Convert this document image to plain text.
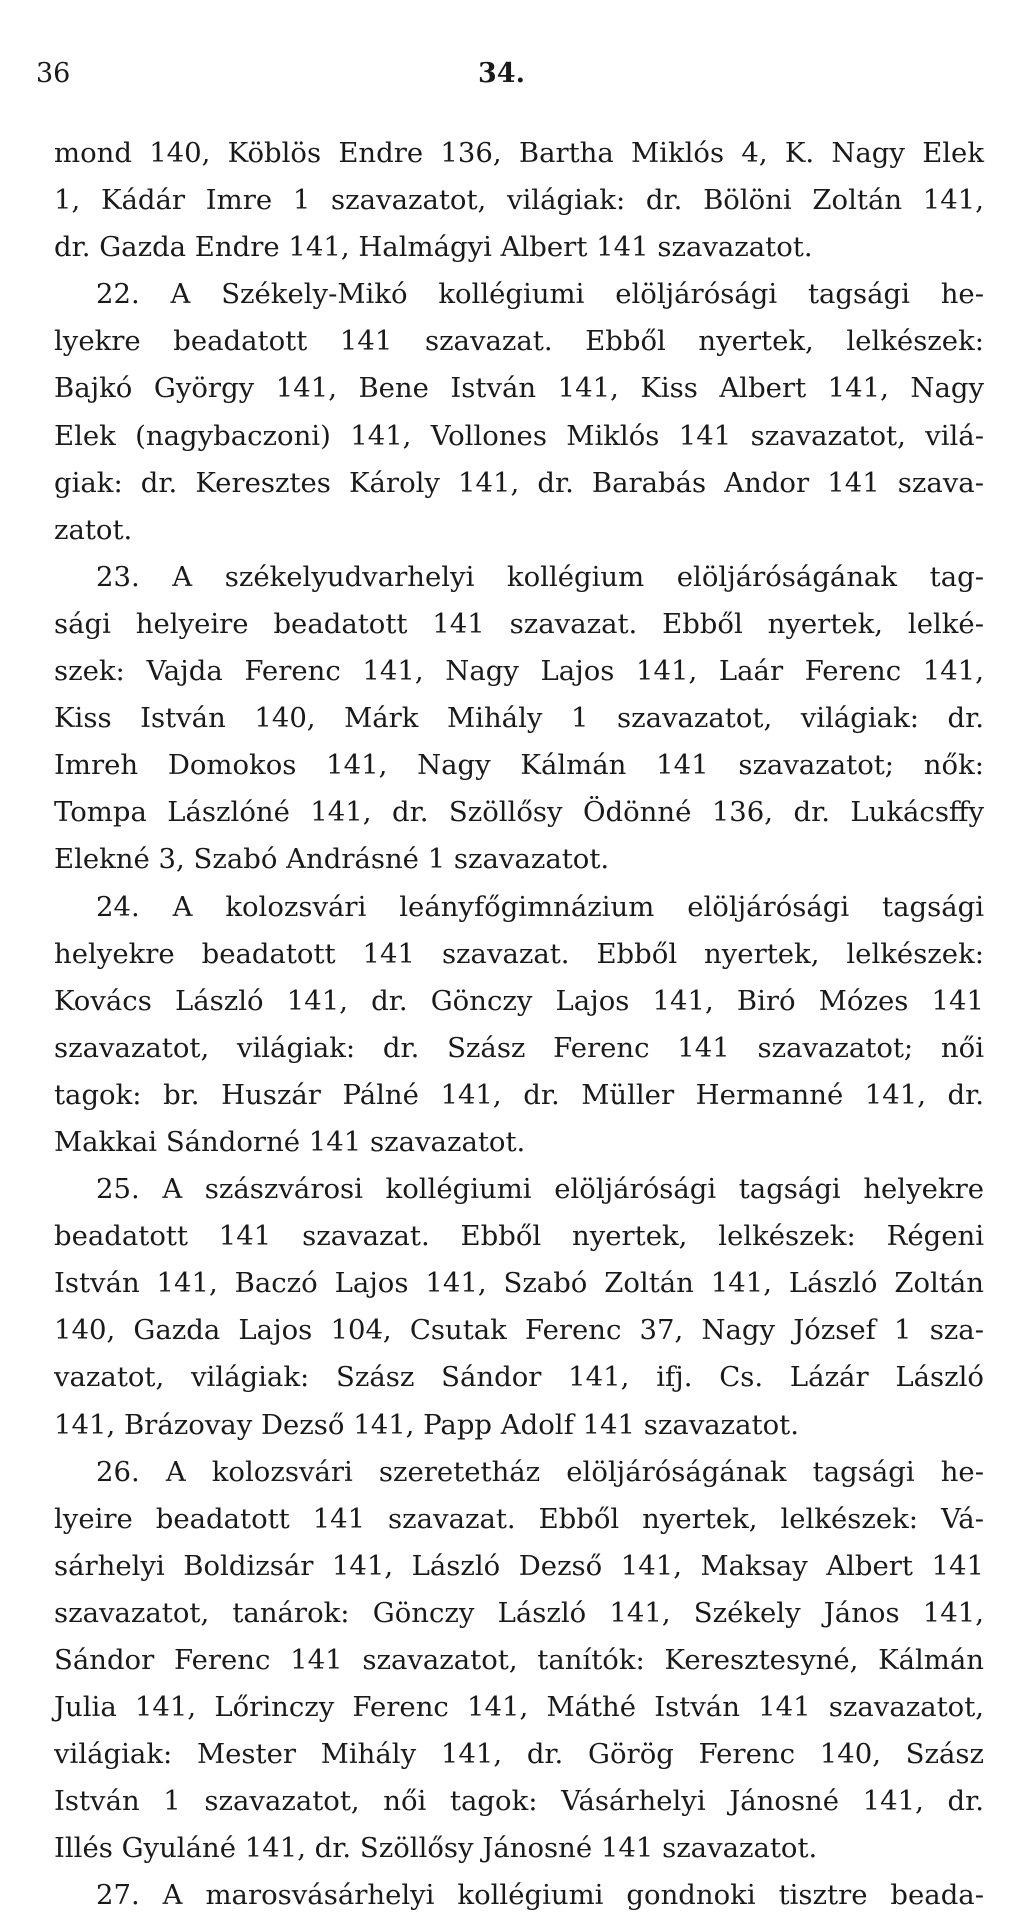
36	34.
mond 140, Köblös Endre 136, Bartha Miklós 4, K. Nagy Elek
1, Kádár Imre 1 szavazatot, világiak: dr. Bölöni Zoltán 141,
dr. Gazda Endre 141, Halmágyi Albert 141 szavazatot.
22. A Székely-Mikó kollégiumi elöljárósági tagsági he-
lyekre beadatott 141 szavazat. Ebből nyertek, lelkészek:
Bajkó György 141, Bene István 141, Kiss Albert 141, Nagy
Elek (nagybaczoni) 141, Vollones Miklós 141 szavazatot, vilá-
giak: dr. Keresztes Károly 141, dr. Barabás Andor 141 szava-
zatot.
23. A székelyudvarhelyi kollégium elöljáróságának tag-
sági helyeire beadatott 141 szavazat. Ebből nyertek, lelké-
szek: Vajda Ferenc 141, Nagy Lajos 141, Laár Ferenc 141,
Kiss István 140, Márk Mihály 1 szavazatot, világiak: dr.
Imreh Domokos 141, Nagy Kálmán 141 szavazatot; nők:
Tompa Lászlóné 141, dr. Szöllősy Ödönné 136, dr. Lukácsffy
Elekné 3, Szabó Andrásné 1 szavazatot.
24. A kolozsvári leányfőgimnázium elöljárósági tagsági
helyekre beadatott 141 szavazat. Ebből nyertek, lelkészek:
Kovács László 141, dr. Gönczy Lajos 141, Biró Mózes 141
szavazatot, világiak: dr. Szász Ferenc 141 szavazatot; női
tagok: br. Huszár Pálné 141, dr. Müller Hermanné 141, dr.
Makkai Sándorné 141 szavazatot.
25. A szászvárosi kollégiumi elöljárósági tagsági helyekre
beadatott 141 szavazat. Ebből nyertek, lelkészek: Régeni
István 141, Baczó Lajos 141, Szabó Zoltán 141, László Zoltán
140, Gazda Lajos 104, Csutak Ferenc 37, Nagy József 1 sza-
vazatot, világiak: Szász Sándor 141, ifj. Cs. Lázár László
141, Brázovay Dezső 141, Papp Adolf 141 szavazatot.
26. A kolozsvári szeretetház elöljáróságának tagsági he-
lyeire beadatott 141 szavazat. Ebből nyertek, lelkészek: Vá-
sárhelyi Boldizsár 141, László Dezső 141, Maksay Albert 141
szavazatot, tanárok: Gönczy László 141, Székely János 141,
Sándor Ferenc 141 szavazatot, tanítók: Keresztesyné, Kálmán
Julia 141, Lőrinczy Ferenc 141, Máthé István 141 szavazatot,
világiak: Mester Mihály 141, dr. Görög Ferenc 140, Szász
István 1 szavazatot, női tagok: Vásárhelyi Jánosné 141, dr.
Illés Gyuláné 141, dr. Szöllősy Jánosné 141 szavazatot.
27. A marosvásárhelyi kollégiumi gondnoki tisztre beada-
